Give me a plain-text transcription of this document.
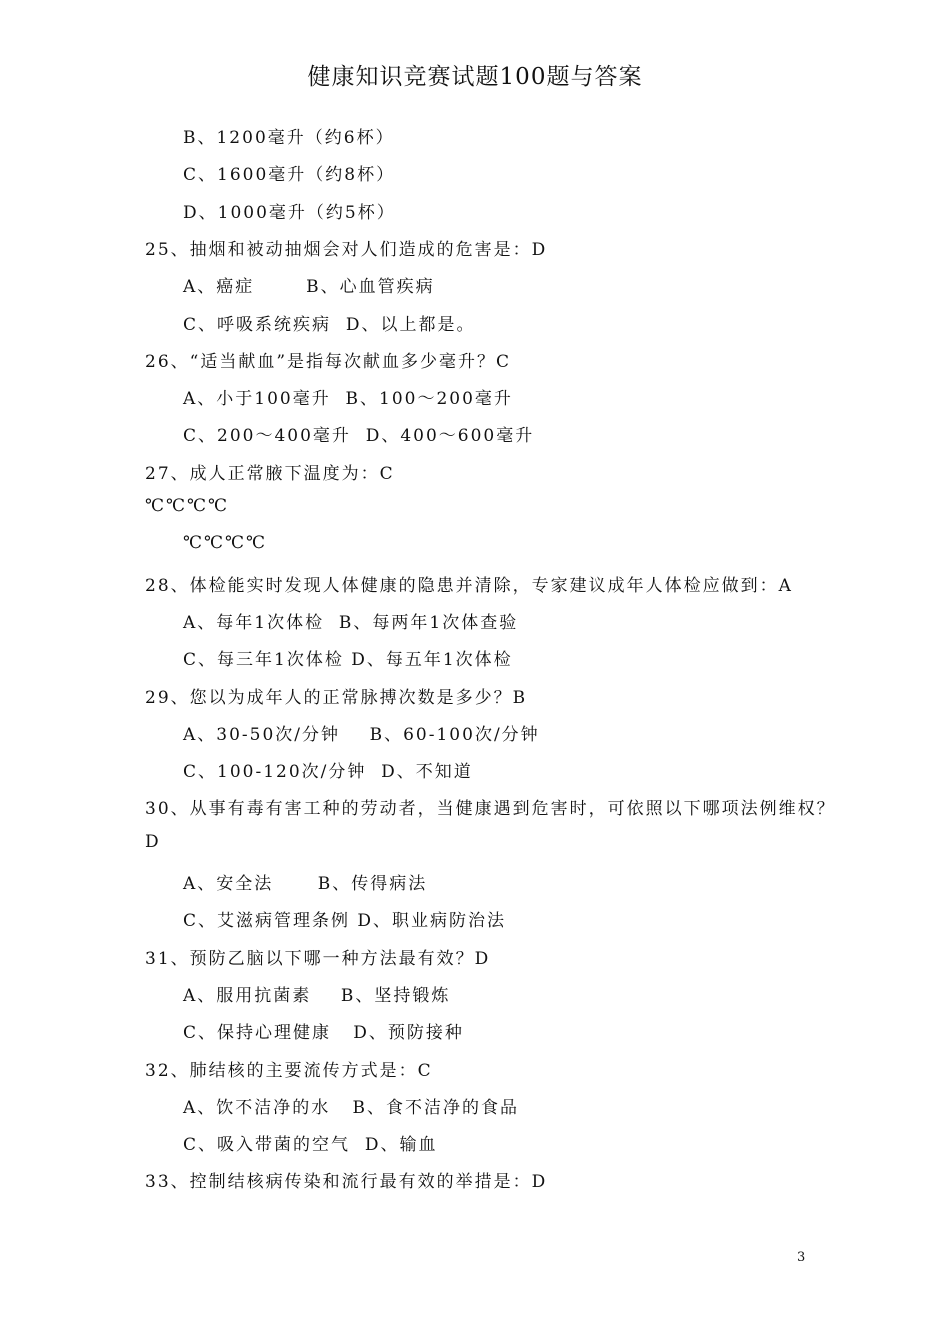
健康知识竞赛试题100题与答案
B、1200毫升（约6杯）
C、1600毫升（约8杯）
D、1000毫升（约5杯）
25、抽烟和被动抽烟会对人们造成的危害是：D
A、癌症       B、心血管疾病
C、呼吸系统疾病  D、以上都是。
26、“适当献血”是指每次献血多少毫升？C
A、小于100毫升  B、100～200毫升
C、200～400毫升  D、400～600毫升
27、成人正常腋下温度为：C
℃℃℃℃
℃℃℃℃
28、体检能实时发现人体健康的隐患并清除，专家建议成年人体检应做到：A
A、每年1次体检  B、每两年1次体查验
C、每三年1次体检 D、每五年1次体检
29、您以为成年人的正常脉搏次数是多少？B
A、30-50次/分钟    B、60-100次/分钟
C、100-120次/分钟  D、不知道
30、从事有毒有害工种的劳动者，当健康遇到危害时，可依照以下哪项法例维权？
D
A、安全法      B、传得病法
C、艾滋病管理条例 D、职业病防治法
31、预防乙脑以下哪一种方法最有效？D
A、服用抗菌素    B、坚持锻炼
C、保持心理健康   D、预防接种
32、肺结核的主要流传方式是：C
A、饮不洁净的水   B、食不洁净的食品
C、吸入带菌的空气  D、输血
33、控制结核病传染和流行最有效的举措是：D
3
